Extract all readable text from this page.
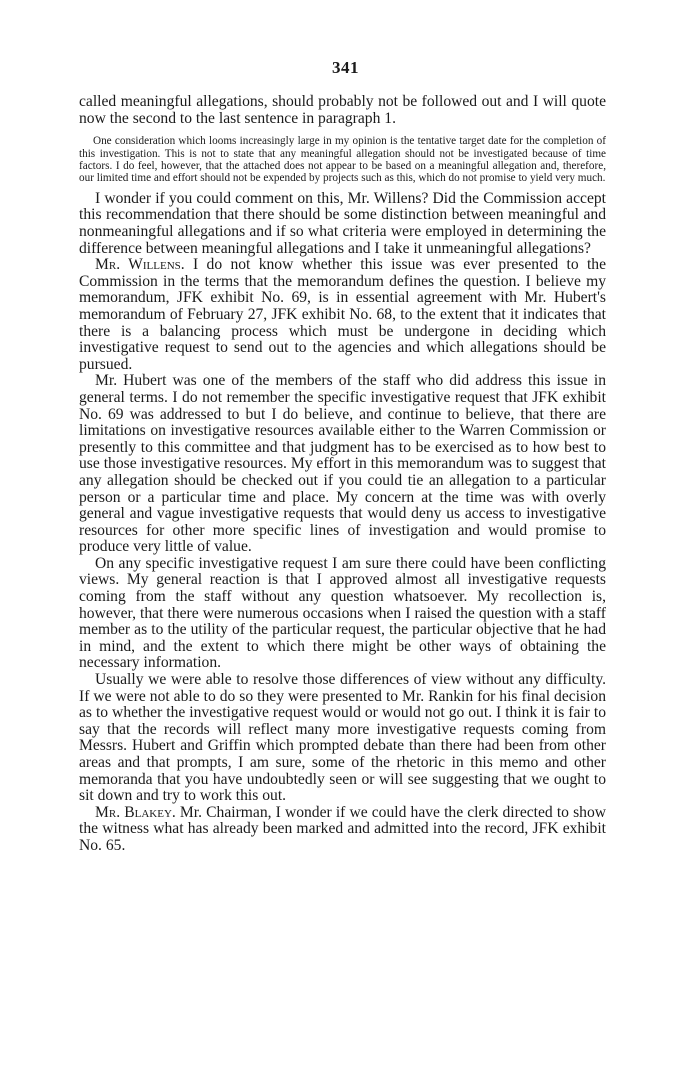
341

called meaningful allegations, should probably not be followed out and I will quote now the second to the last sentence in paragraph 1.

One consideration which looms increasingly large in my opinion is the tentative target date for the completion of this investigation. This is not to state that any meaningful allegation should not be investigated because of time factors. I do feel, however, that the attached does not appear to be based on a meaningful allegation and, therefore, our limited time and effort should not be expended by projects such as this, which do not promise to yield very much.

I wonder if you could comment on this, Mr. Willens? Did the Commission accept this recommendation that there should be some distinction between meaningful and nonmeaningful allegations and if so what criteria were employed in determining the difference between meaningful allegations and I take it unmeaningful allegations?

Mr. Willens. I do not know whether this issue was ever presented to the Commission in the terms that the memorandum defines the question. I believe my memorandum, JFK exhibit No. 69, is in essential agreement with Mr. Hubert's memorandum of February 27, JFK exhibit No. 68, to the extent that it indicates that there is a balancing process which must be undergone in deciding which investigative request to send out to the agencies and which allegations should be pursued.

Mr. Hubert was one of the members of the staff who did address this issue in general terms. I do not remember the specific investigative request that JFK exhibit No. 69 was addressed to but I do believe, and continue to believe, that there are limitations on investigative resources available either to the Warren Commission or presently to this committee and that judgment has to be exercised as to how best to use those investigative resources. My effort in this memorandum was to suggest that any allegation should be checked out if you could tie an allegation to a particular person or a particular time and place. My concern at the time was with overly general and vague investigative requests that would deny us access to investigative resources for other more specific lines of investigation and would promise to produce very little of value.

On any specific investigative request I am sure there could have been conflicting views. My general reaction is that I approved almost all investigative requests coming from the staff without any question whatsoever. My recollection is, however, that there were numerous occasions when I raised the question with a staff member as to the utility of the particular request, the particular objective that he had in mind, and the extent to which there might be other ways of obtaining the necessary information.

Usually we were able to resolve those differences of view without any difficulty. If we were not able to do so they were presented to Mr. Rankin for his final decision as to whether the investigative request would or would not go out. I think it is fair to say that the records will reflect many more investigative requests coming from Messrs. Hubert and Griffin which prompted debate than there had been from other areas and that prompts, I am sure, some of the rhetoric in this memo and other memoranda that you have undoubtedly seen or will see suggesting that we ought to sit down and try to work this out.

Mr. Blakey. Mr. Chairman, I wonder if we could have the clerk directed to show the witness what has already been marked and admitted into the record, JFK exhibit No. 65.
